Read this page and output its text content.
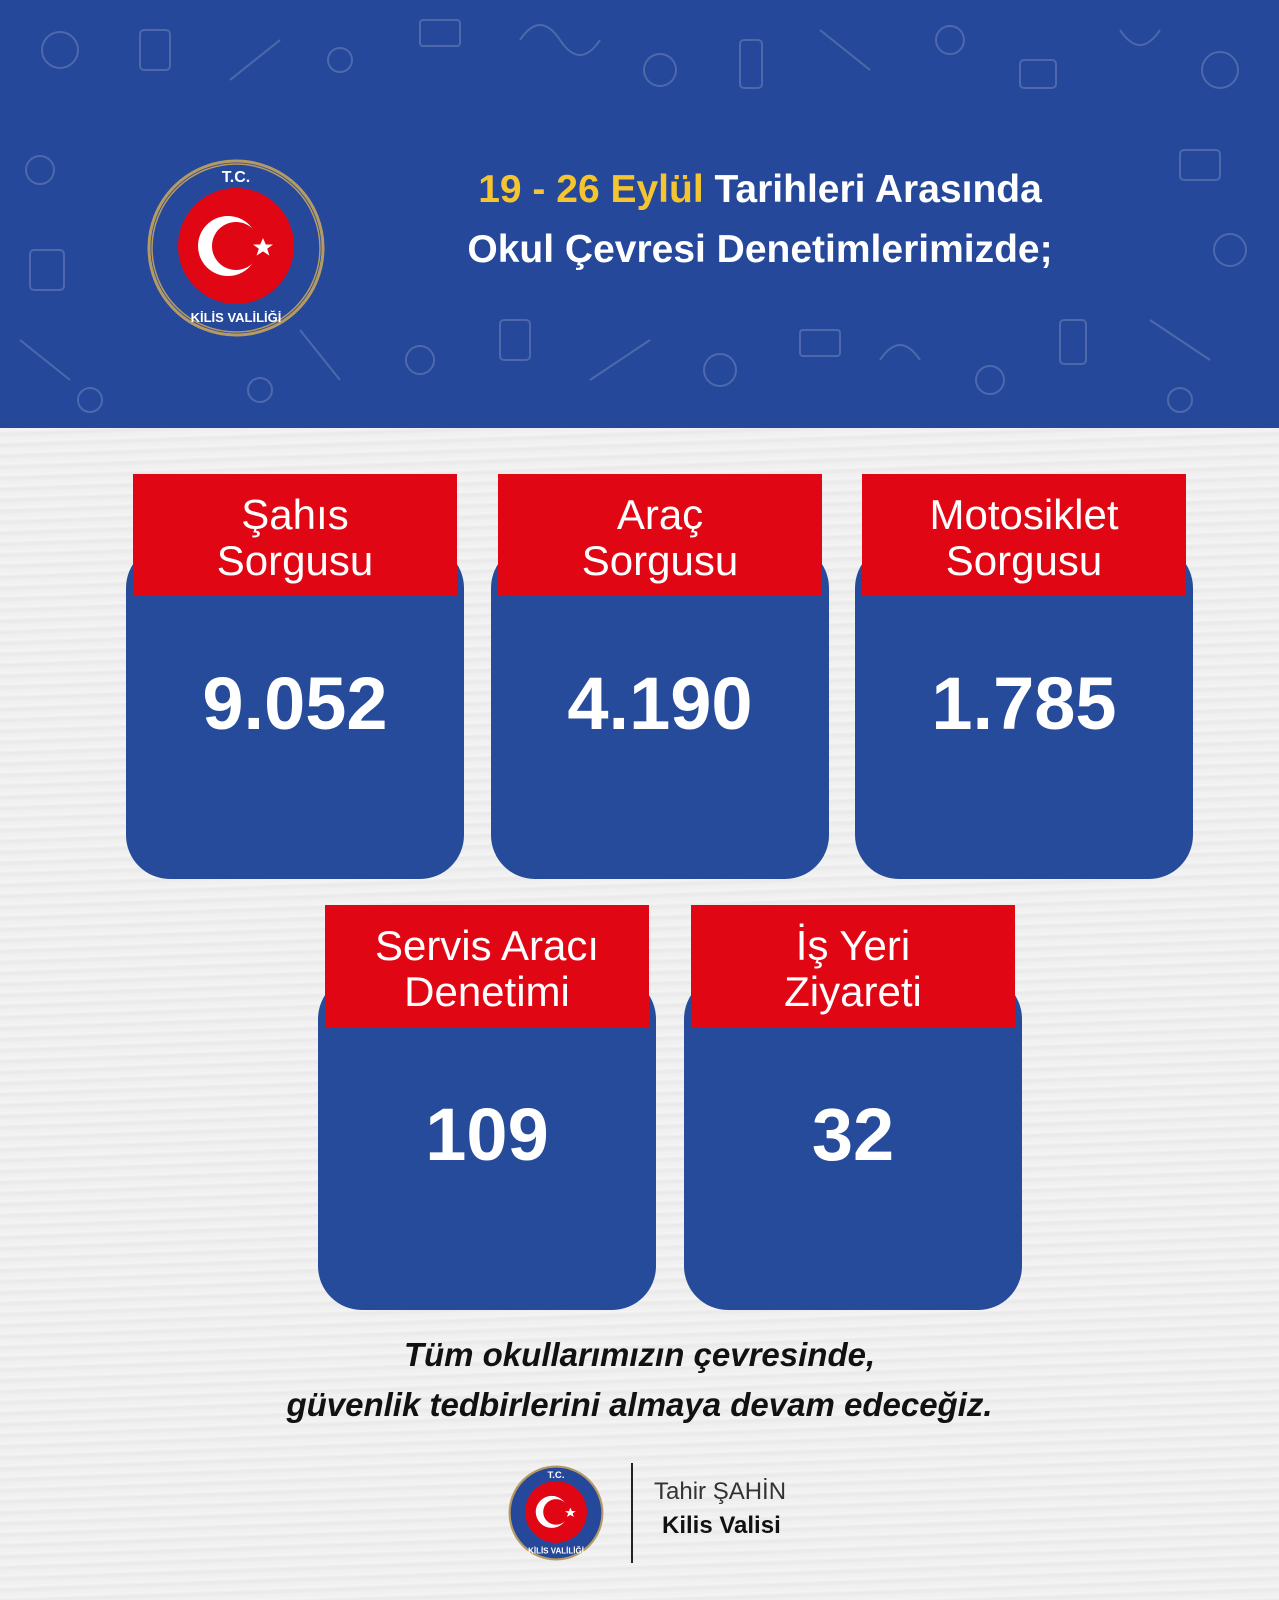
T.C.
KİLİS VALİLİĞİ
19 - 26 Eylül Tarihleri Arasında
Okul Çevresi Denetimlerimizde;
Şahıs
Sorgusu
9.052
Araç
Sorgusu
4.190
Motosiklet
Sorgusu
1.785
Servis Aracı
Denetimi
109
İş Yeri
Ziyareti
32
Tüm okullarımızın çevresinde,
güvenlik tedbirlerini almaya devam edeceğiz.
T.C.
KİLİS VALİLİĞİ
Tahir ŞAHİN
Kilis Valisi
